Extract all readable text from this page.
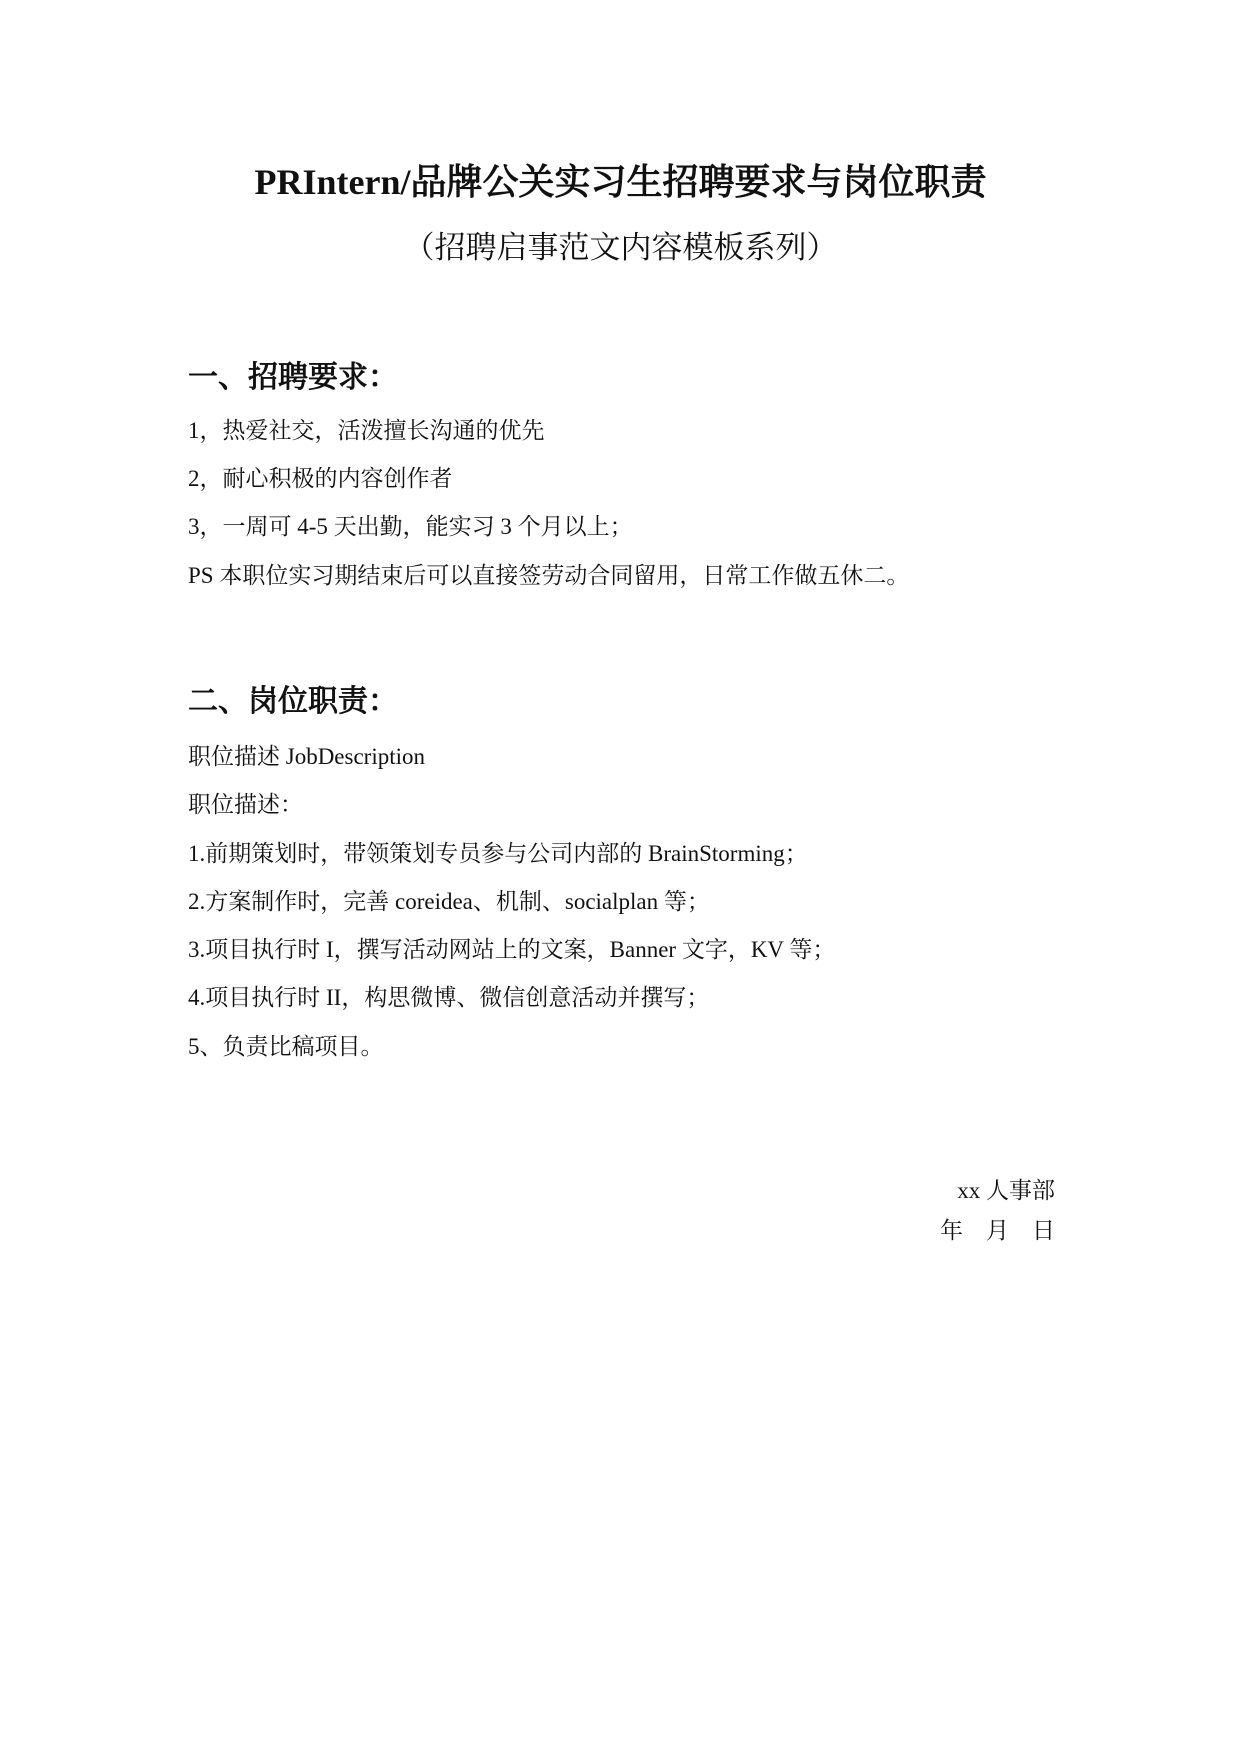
PRIntern/品牌公关实习生招聘要求与岗位职责
（招聘启事范文内容模板系列）
一、招聘要求：
1，热爱社交，活泼擅长沟通的优先
2，耐心积极的内容创作者
3，一周可 4-5 天出勤，能实习 3 个月以上；
PS 本职位实习期结束后可以直接签劳动合同留用，日常工作做五休二。
二、岗位职责：
职位描述 JobDescription
职位描述：
1.前期策划时，带领策划专员参与公司内部的 BrainStorming；
2.方案制作时，完善 coreidea、机制、socialplan 等；
3.项目执行时 I，撰写活动网站上的文案，Banner 文字，KV 等；
4.项目执行时 II，构思微博、微信创意活动并撰写；
5、负责比稿项目。
xx 人事部
年    月    日
